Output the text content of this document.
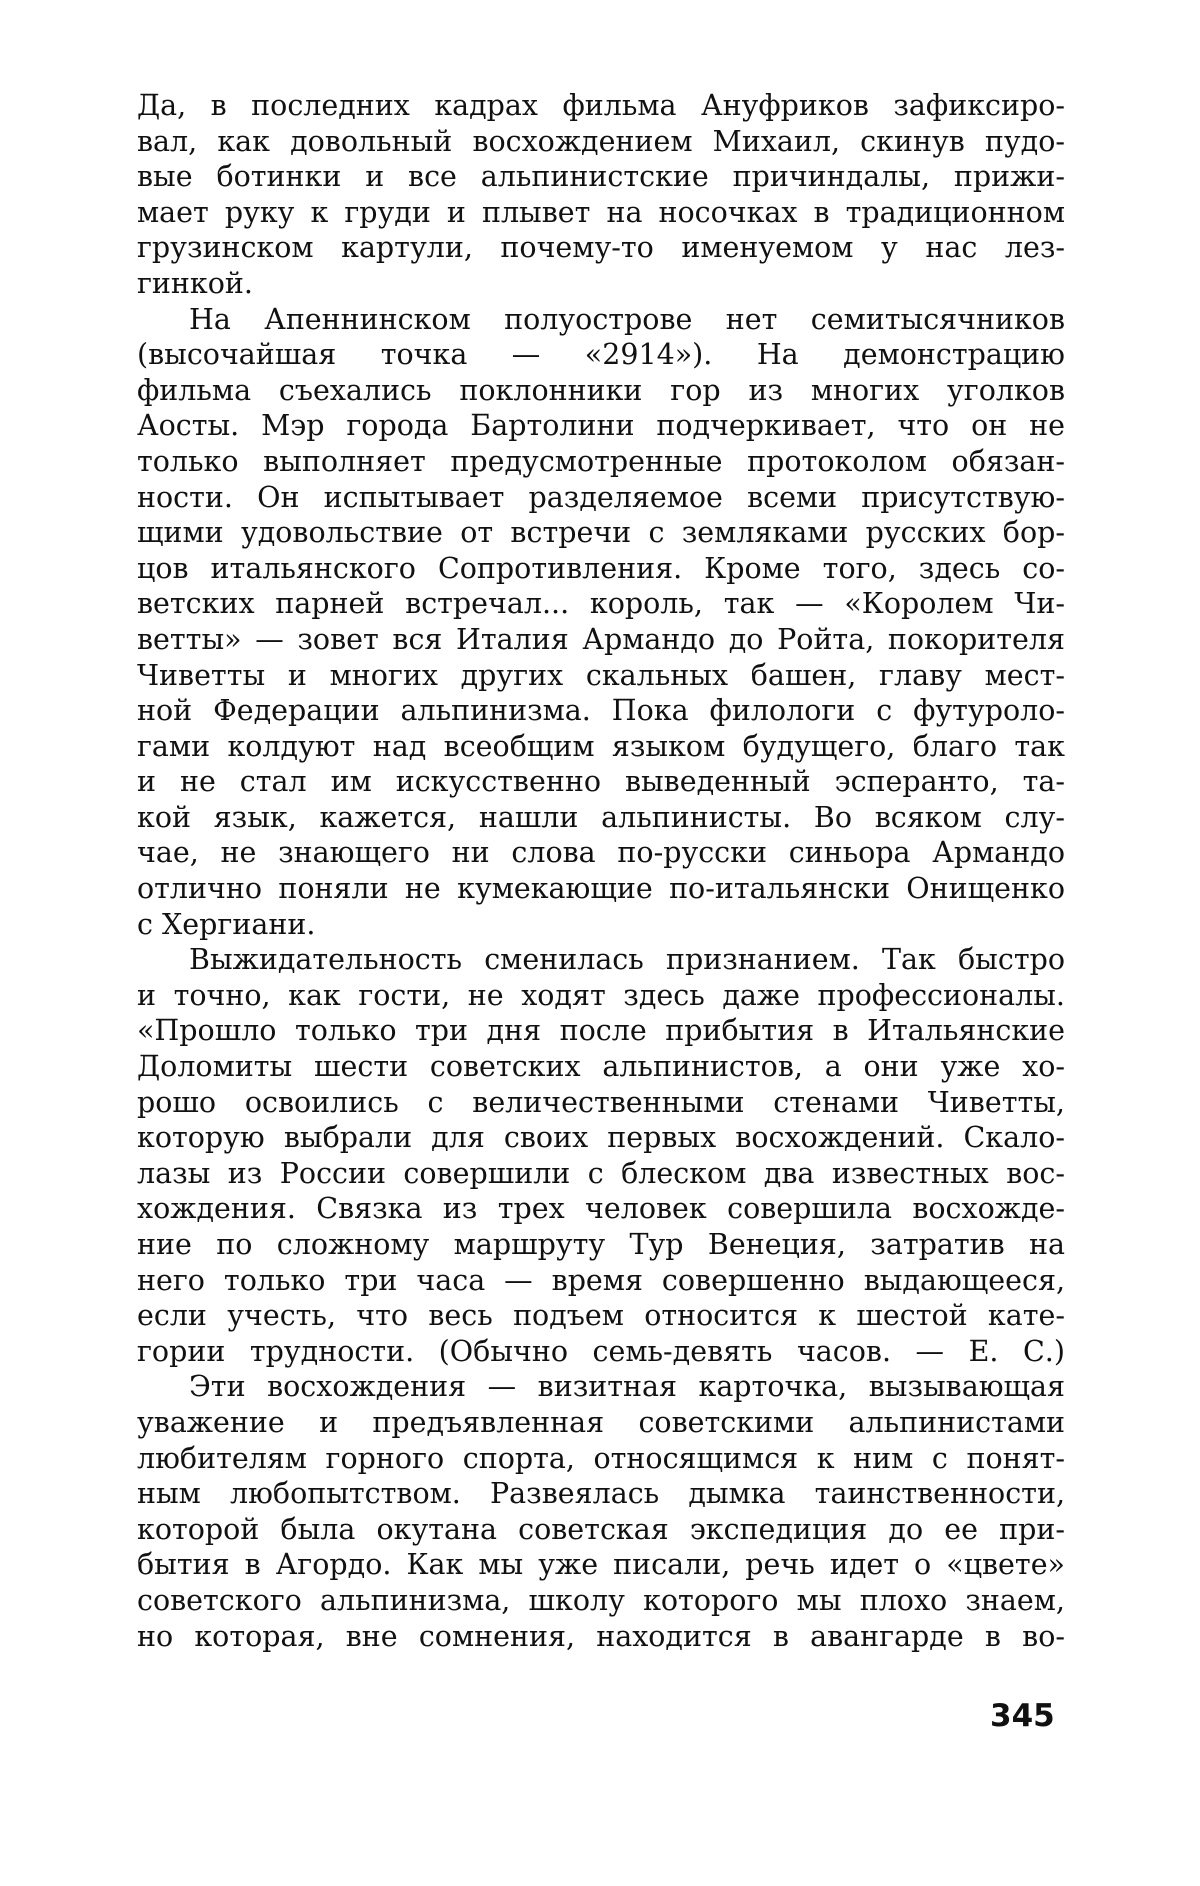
Да, в последних кадрах фильма Ануфриков зафиксиро-
вал, как довольный восхождением Михаил, скинув пудо-
вые ботинки и все альпинистские причиндалы, прижи-
мает руку к груди и плывет на носочках в традиционном
грузинском картули, почему-то именуемом у нас лез-
гинкой.
На Апеннинском полуострове нет семитысячников
(высочайшая точка — «2914»). На демонстрацию
фильма съехались поклонники гор из многих уголков
Аосты. Мэр города Бартолини подчеркивает, что он не
только выполняет предусмотренные протоколом обязан-
ности. Он испытывает разделяемое всеми присутствую-
щими удовольствие от встречи с земляками русских бор-
цов итальянского Сопротивления. Кроме того, здесь со-
ветских парней встречал... король, так — «Королем Чи-
ветты» — зовет вся Италия Армандо до Ройта, покорителя
Чиветты и многих других скальных башен, главу мест-
ной Федерации альпинизма. Пока филологи с футуроло-
гами колдуют над всеобщим языком будущего, благо так
и не стал им искусственно выведенный эсперанто, та-
кой язык, кажется, нашли альпинисты. Во всяком слу-
чае, не знающего ни слова по-русски синьора Армандо
отлично поняли не кумекающие по-итальянски Онищенко
с Хергиани.
Выжидательность сменилась признанием. Так быстро
и точно, как гости, не ходят здесь даже профессионалы.
«Прошло только три дня после прибытия в Итальянские
Доломиты шести советских альпинистов, а они уже хо-
рошо освоились с величественными стенами Чиветты,
которую выбрали для своих первых восхождений. Скало-
лазы из России совершили с блеском два известных вос-
хождения. Связка из трех человек совершила восхожде-
ние по сложному маршруту Тур Венеция, затратив на
него только три часа — время совершенно выдающееся,
если учесть, что весь подъем относится к шестой кате-
гории трудности. (Обычно семь-девять часов. — Е. С.)
Эти восхождения — визитная карточка, вызывающая
уважение и предъявленная советскими альпинистами
любителям горного спорта, относящимся к ним с понят-
ным любопытством. Развеялась дымка таинственности,
которой была окутана советская экспедиция до ее при-
бытия в Агордо. Как мы уже писали, речь идет о «цвете»
советского альпинизма, школу которого мы плохо знаем,
но которая, вне сомнения, находится в авангарде в во-
345
